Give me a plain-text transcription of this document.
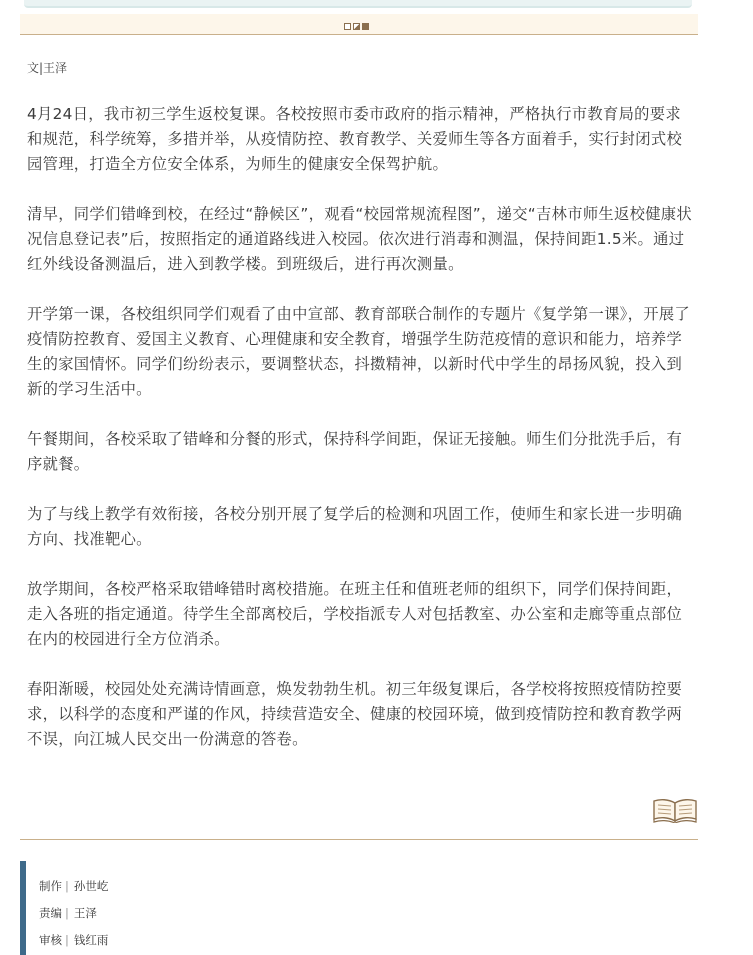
文|王泽

4月24日，我市初三学生返校复课。各校按照市委市政府的指示精神，严格执行市教育局的要求和规范，科学统筹，多措并举，从疫情防控、教育教学、关爱师生等各方面着手，实行封闭式校园管理，打造全方位安全体系，为师生的健康安全保驾护航。

清早，同学们错峰到校，在经过“静候区”，观看“校园常规流程图”，递交“吉林市师生返校健康状况信息登记表”后，按照指定的通道路线进入校园。依次进行消毒和测温，保持间距1.5米。通过红外线设备测温后，进入到教学楼。到班级后，进行再次测量。

开学第一课，各校组织同学们观看了由中宣部、教育部联合制作的专题片《复学第一课》，开展了疫情防控教育、爱国主义教育、心理健康和安全教育，增强学生防范疫情的意识和能力，培养学生的家国情怀。同学们纷纷表示，要调整状态，抖擞精神，以新时代中学生的昂扬风貌，投入到新的学习生活中。

午餐期间，各校采取了错峰和分餐的形式，保持科学间距，保证无接触。师生们分批洗手后，有序就餐。

为了与线上教学有效衔接，各校分别开展了复学后的检测和巩固工作，使师生和家长进一步明确方向、找准靶心。

放学期间，各校严格采取错峰错时离校措施。在班主任和值班老师的组织下，同学们保持间距，走入各班的指定通道。待学生全部离校后，学校指派专人对包括教室、办公室和走廊等重点部位在内的校园进行全方位消杀。

春阳渐暖，校园处处充满诗情画意，焕发勃勃生机。初三年级复课后，各学校将按照疫情防控要求，以科学的态度和严谨的作风，持续营造安全、健康的校园环境，做到疫情防控和教育教学两不误，向江城人民交出一份满意的答卷。

制作 | 孙世屹
责编 | 王泽
审核 | 钱红雨
